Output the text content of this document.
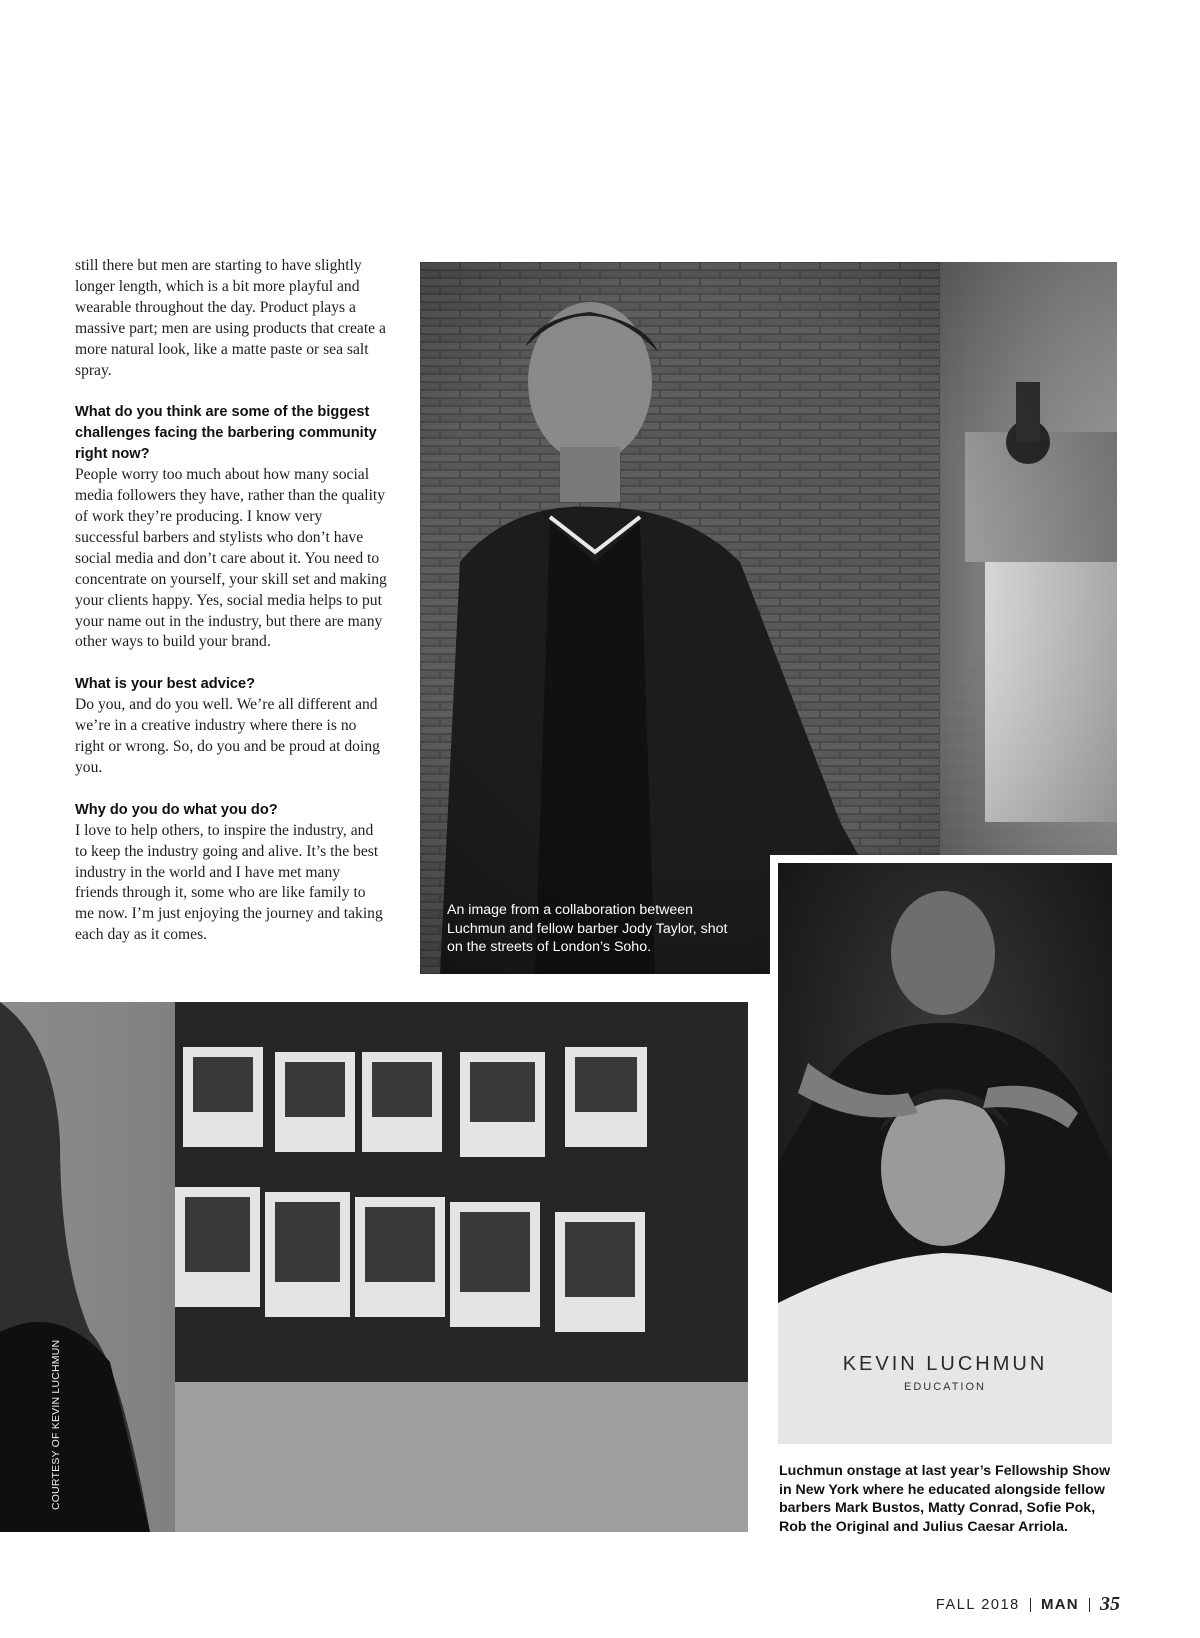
still there but men are starting to have slightly longer length, which is a bit more playful and wearable throughout the day. Product plays a massive part; men are using products that create a more natural look, like a matte paste or sea salt spray.

What do you think are some of the biggest challenges facing the barbering community right now?

People worry too much about how many social media followers they have, rather than the quality of work they’re producing. I know very successful barbers and stylists who don’t have social media and don’t care about it. You need to concentrate on yourself, your skill set and making your clients happy. Yes, social media helps to put your name out in the industry, but there are many other ways to build your brand.

What is your best advice?

Do you, and do you well. We’re all different and we’re in a creative industry where there is no right or wrong. So, do you and be proud at doing you.

Why do you do what you do?

I love to help others, to inspire the industry, and to keep the industry going and alive. It’s the best industry in the world and I have met many friends through it, some who are like family to me now. I’m just enjoying the journey and taking each day as it comes.

An image from a collaboration between Luchmun and fellow barber Jody Taylor, shot on the streets of London’s Soho.
KEVIN LUCHMUN
EDUCATION
Luchmun onstage at last year’s Fellowship Show in New York where he educated alongside fellow barbers Mark Bustos, Matty Conrad, Sofie Pok, Rob the Original and Julius Caesar Arriola.
COURTESY OF KEVIN LUCHMUN
FALL 2018 MAN 35
